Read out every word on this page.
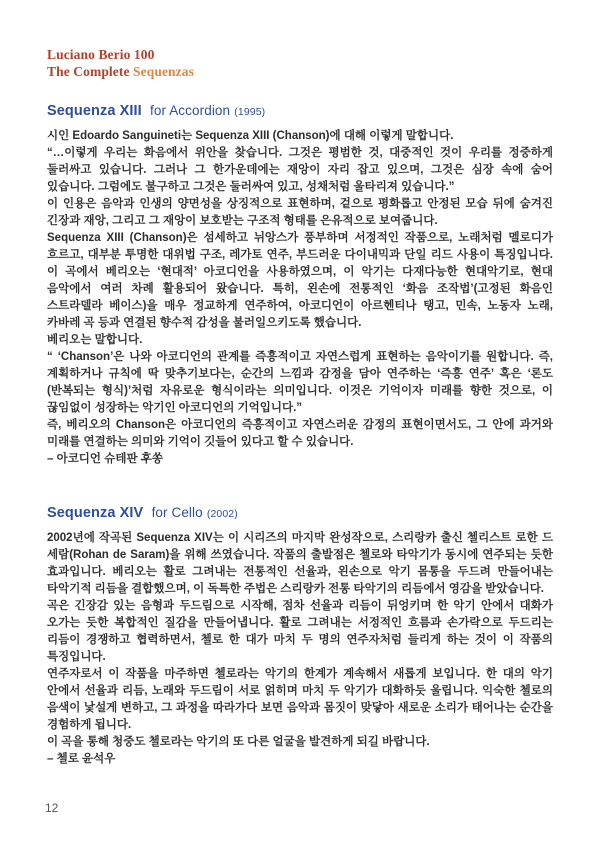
Luciano Berio 100
The Complete Sequenzas
Sequenza XIII for Accordion (1995)

시인 Edoardo Sanguineti는 Sequenza XIII (Chanson)에 대해 이렇게 말합니다.

“…이렇게 우리는 화음에서 위안을 찾습니다. 그것은 평범한 것, 대중적인 것이 우리를 정중하게 둘러싸고 있습니다. 그러나 그 한가운데에는 재앙이 자리 잡고 있으며, 그것은 심장 속에 숨어 있습니다. 그럼에도 불구하고 그것은 둘러싸여 있고, 성채처럼 울타리져 있습니다.”

이 인용은 음악과 인생의 양면성을 상징적으로 표현하며, 겉으로 평화롭고 안정된 모습 뒤에 숨겨진 긴장과 재앙, 그리고 그 재앙이 보호받는 구조적 형태를 은유적으로 보여줍니다.

Sequenza XIII (Chanson)은 섬세하고 뉘앙스가 풍부하며 서정적인 작품으로, 노래처럼 멜로디가 흐르고, 대부분 투명한 대위법 구조, 레가토 연주, 부드러운 다이내믹과 단일 리드 사용이 특징입니다. 이 곡에서 베리오는 ‘현대적’ 아코디언을 사용하였으며, 이 악기는 다재다능한 현대악기로, 현대 음악에서 여러 차례 활용되어 왔습니다. 특히, 왼손에 전통적인 ‘화음 조작법’(고정된 화음인 스트라델라 베이스)을 매우 정교하게 연주하여, 아코디언이 아르헨티나 탱고, 민속, 노동자 노래, 카바레 곡 등과 연결된 향수적 감성을 불러일으키도록 했습니다.

베리오는 말합니다.

“ ‘Chanson’은 나와 아코디언의 관계를 즉흥적이고 자연스럽게 표현하는 음악이기를 원합니다. 즉, 계획하거나 규칙에 딱 맞추기보다는, 순간의 느낌과 감정을 담아 연주하는 ‘즉흥 연주’ 혹은 ‘론도(반복되는 형식)’처럼 자유로운 형식이라는 의미입니다. 이것은 기억이자 미래를 향한 것으로, 이 끊임없이 성장하는 악기인 아코디언의 기억입니다.”

즉, 베리오의 Chanson은 아코디언의 즉흥적이고 자연스러운 감정의 표현이면서도, 그 안에 과거와 미래를 연결하는 의미와 기억이 깃들어 있다고 할 수 있습니다.

– 아코디언 슈테판 후쏭

Sequenza XIV for Cello (2002)

2002년에 작곡된 Sequenza XIV는 이 시리즈의 마지막 완성작으로, 스리랑카 출신 첼리스트 로한 드 세람(Rohan de Saram)을 위해 쓰였습니다. 작품의 출발점은 첼로와 타악기가 동시에 연주되는 듯한 효과입니다. 베리오는 활로 그려내는 전통적인 선율과, 왼손으로 악기 몸통을 두드려 만들어내는 타악기적 리듬을 결합했으며, 이 독특한 주법은 스리랑카 전통 타악기의 리듬에서 영감을 받았습니다.

곡은 긴장감 있는 음형과 두드림으로 시작해, 점차 선율과 리듬이 뒤엉키며 한 악기 안에서 대화가 오가는 듯한 복합적인 질감을 만들어냅니다. 활로 그려내는 서정적인 흐름과 손가락으로 두드리는 리듬이 경쟁하고 협력하면서, 첼로 한 대가 마치 두 명의 연주자처럼 들리게 하는 것이 이 작품의 특징입니다.

연주자로서 이 작품을 마주하면 첼로라는 악기의 한계가 계속해서 새롭게 보입니다. 한 대의 악기 안에서 선율과 리듬, 노래와 두드림이 서로 얽히며 마치 두 악기가 대화하듯 울립니다. 익숙한 첼로의 음색이 낯설게 변하고, 그 과정을 따라가다 보면 음악과 몸짓이 맞닿아 새로운 소리가 태어나는 순간을 경험하게 됩니다.

이 곡을 통해 청중도 첼로라는 악기의 또 다른 얼굴을 발견하게 되길 바랍니다.

– 첼로 윤석우

12
